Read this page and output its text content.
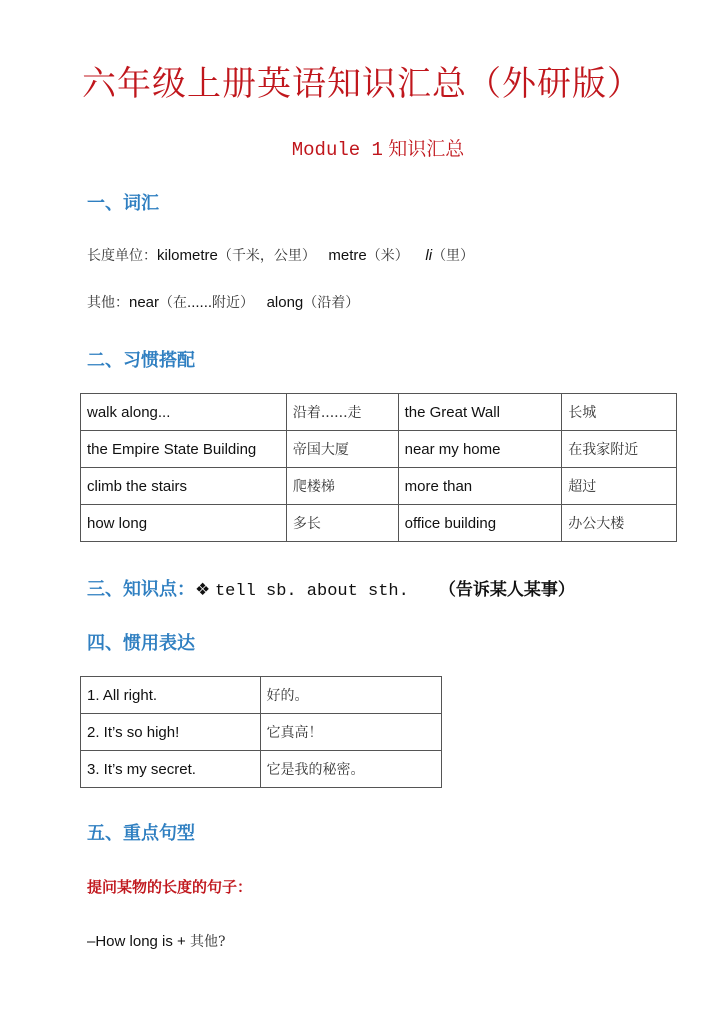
六年级上册英语知识汇总（外研版）
Module 1 知识汇总
一、词汇
长度单位：kilometre（千米，公里） metre（米） li（里）
其他：near（在......附近） along（沿着）
二、习惯搭配
walk along...	沿着......走	the Great Wall	长城
the Empire State Building	帝国大厦	near my home	在我家附近
climb the stairs	爬楼梯	more than	超过
how long	多长	office building	办公大楼
三、知识点：❖ tell sb. about sth. （告诉某人某事）
四、惯用表达
1. All right.	好的。
2. It’s so high!	它真高！
3. It’s my secret.	它是我的秘密。
五、重点句型
提问某物的长度的句子：
–How long is + 其他?
